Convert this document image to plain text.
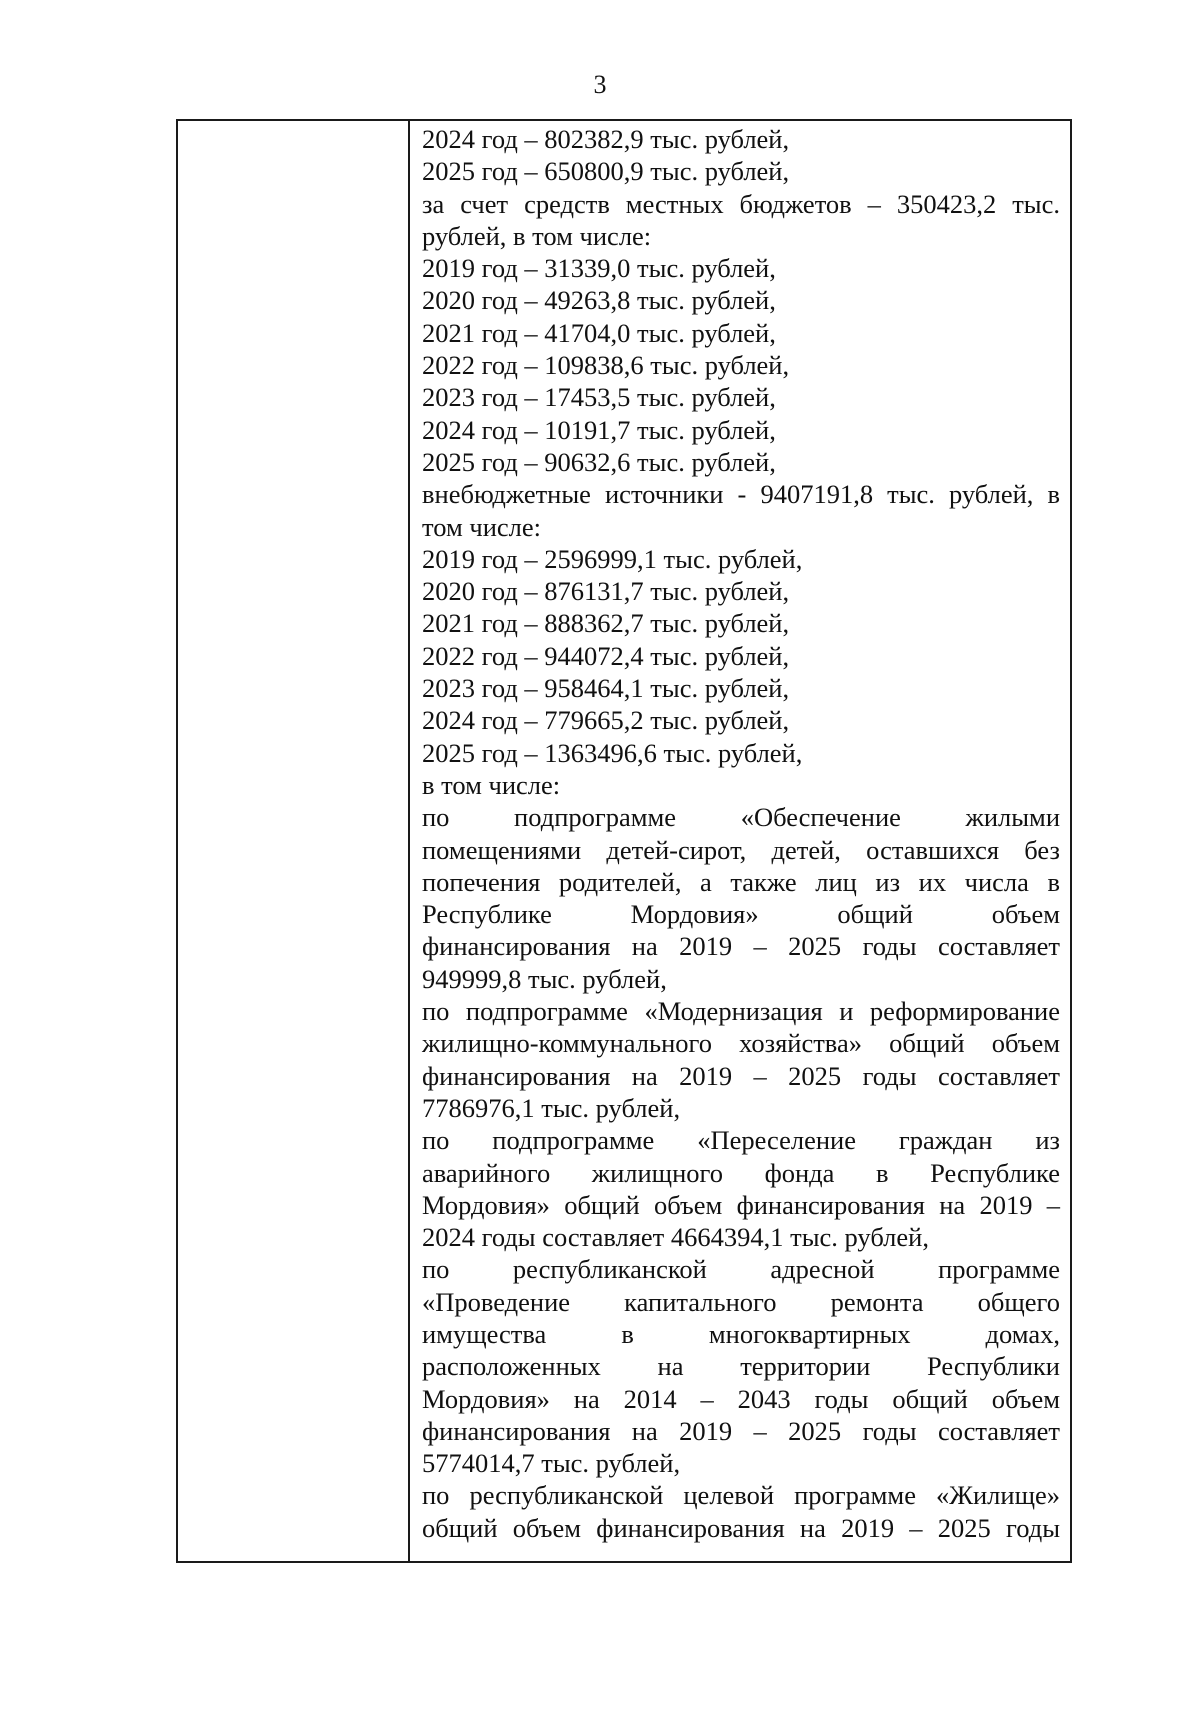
3
2024 год – 802382,9 тыс. рублей,
2025 год – 650800,9 тыс. рублей,
за счет средств местных бюджетов – 350423,2 тыс.
рублей, в том числе:
2019 год – 31339,0 тыс. рублей,
2020 год – 49263,8 тыс. рублей,
2021 год – 41704,0 тыс. рублей,
2022 год – 109838,6 тыс. рублей,
2023 год – 17453,5 тыс. рублей,
2024 год – 10191,7 тыс. рублей,
2025 год – 90632,6 тыс. рублей,
внебюджетные источники - 9407191,8 тыс. рублей, в
том числе:
2019 год – 2596999,1 тыс. рублей,
2020 год – 876131,7 тыс. рублей,
2021 год – 888362,7 тыс. рублей,
2022 год – 944072,4 тыс. рублей,
2023 год – 958464,1 тыс. рублей,
2024 год – 779665,2 тыс. рублей,
2025 год – 1363496,6 тыс. рублей,
в том числе:
по подпрограмме «Обеспечение жилыми
помещениями детей-сирот, детей, оставшихся без
попечения родителей, а также лиц из их числа в
Республике Мордовия» общий объем
финансирования на 2019 – 2025 годы составляет
949999,8 тыс. рублей,
по подпрограмме «Модернизация и реформирование
жилищно-коммунального хозяйства» общий объем
финансирования на 2019 – 2025 годы составляет
7786976,1 тыс. рублей,
по подпрограмме «Переселение граждан из
аварийного жилищного фонда в Республике
Мордовия» общий объем финансирования на 2019 –
2024 годы составляет 4664394,1 тыс. рублей,
по республиканской адресной программе
«Проведение капитального ремонта общего
имущества в многоквартирных домах,
расположенных на территории Республики
Мордовия» на 2014 – 2043 годы общий объем
финансирования на 2019 – 2025 годы составляет
5774014,7 тыс. рублей,
по республиканской целевой программе «Жилище»
общий объем финансирования на 2019 – 2025 годы
